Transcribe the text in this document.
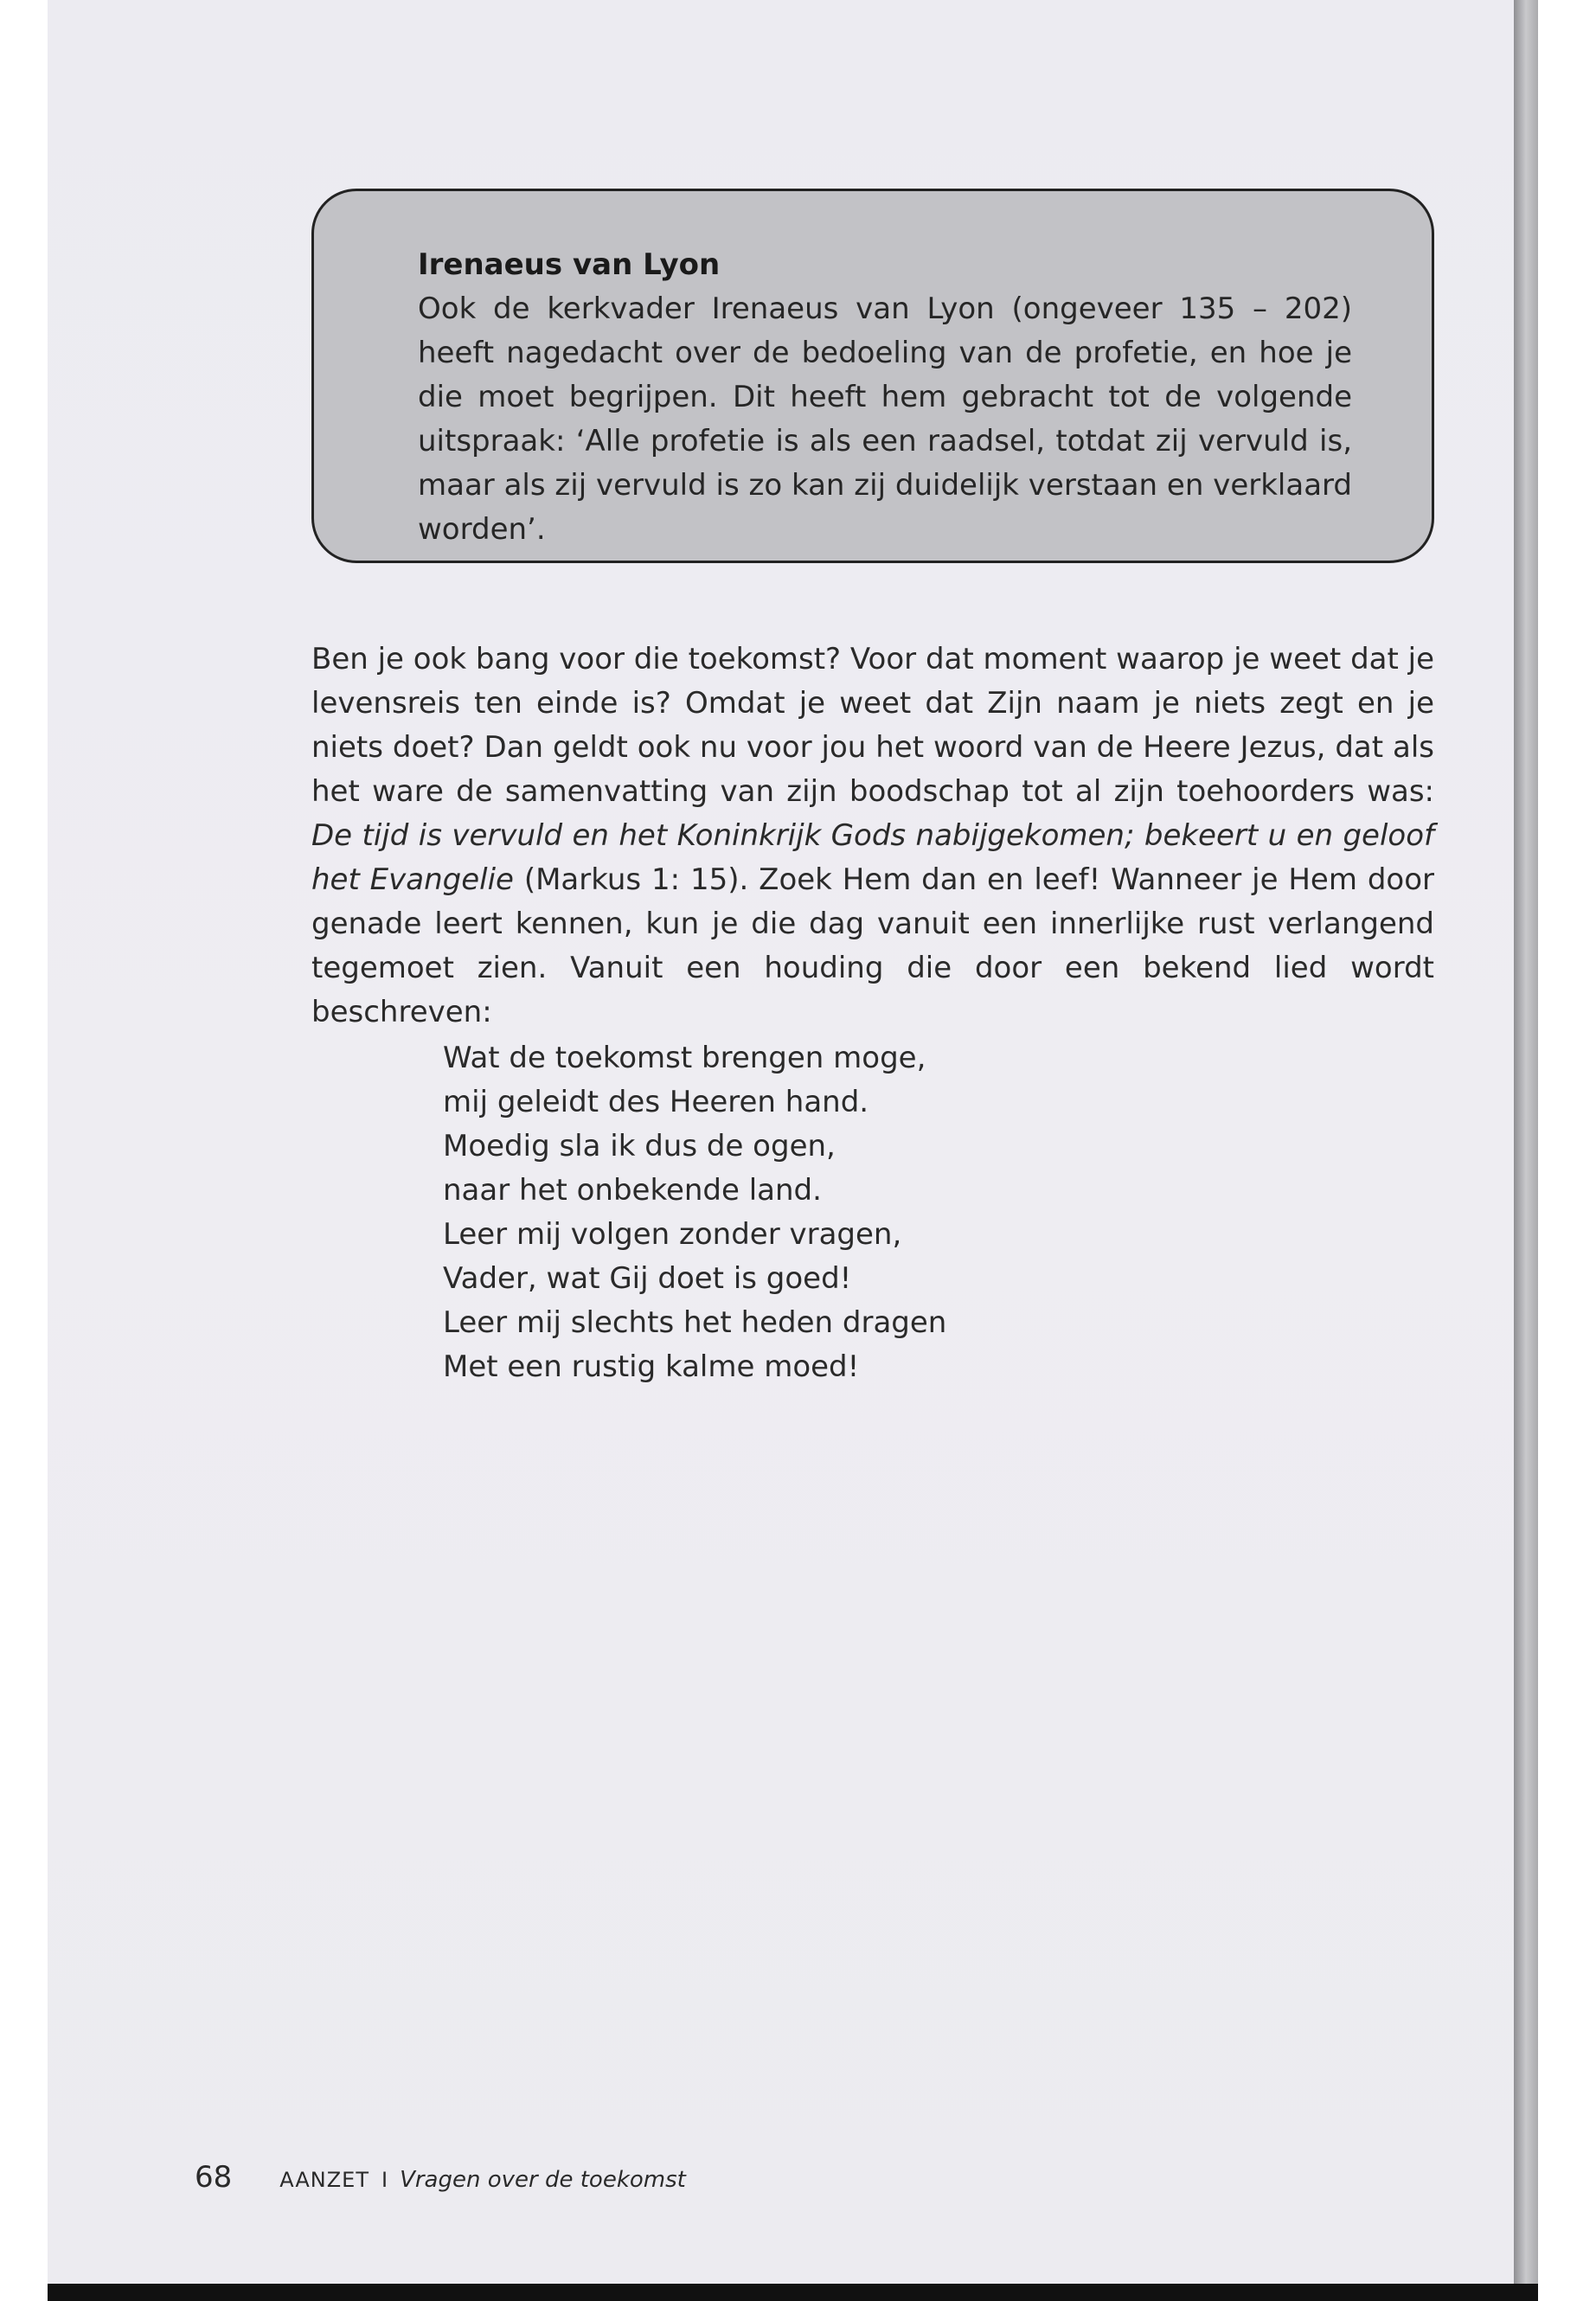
Irenaeus van Lyon
Ook de kerkvader Irenaeus van Lyon (ongeveer 135 – 202) heeft nagedacht over de bedoeling van de profetie, en hoe je die moet begrijpen. Dit heeft hem gebracht tot de volgende uitspraak: ‘Alle profetie is als een raadsel, totdat zij vervuld is, maar als zij vervuld is zo kan zij duidelijk verstaan en verklaard worden’.
Ben je ook bang voor die toekomst? Voor dat moment waarop je weet dat je levensreis ten einde is? Omdat je weet dat Zijn naam je niets zegt en je niets doet? Dan geldt ook nu voor jou het woord van de Heere Jezus, dat als het ware de samenvatting van zijn boodschap tot al zijn toehoorders was: De tijd is vervuld en het Koninkrijk Gods nabijgekomen; bekeert u en geloof het Evangelie (Markus 1: 15). Zoek Hem dan en leef! Wanneer je Hem door genade leert kennen, kun je die dag vanuit een innerlijke rust verlangend tegemoet zien. Vanuit een houding die door een bekend lied wordt beschreven:
Wat de toekomst brengen moge,
mij geleidt des Heeren hand.
Moedig sla ik dus de ogen,
naar het onbekende land.
Leer mij volgen zonder vragen,
Vader, wat Gij doet is goed!
Leer mij slechts het heden dragen
Met een rustig kalme moed!
68 AANZET I Vragen over de toekomst
